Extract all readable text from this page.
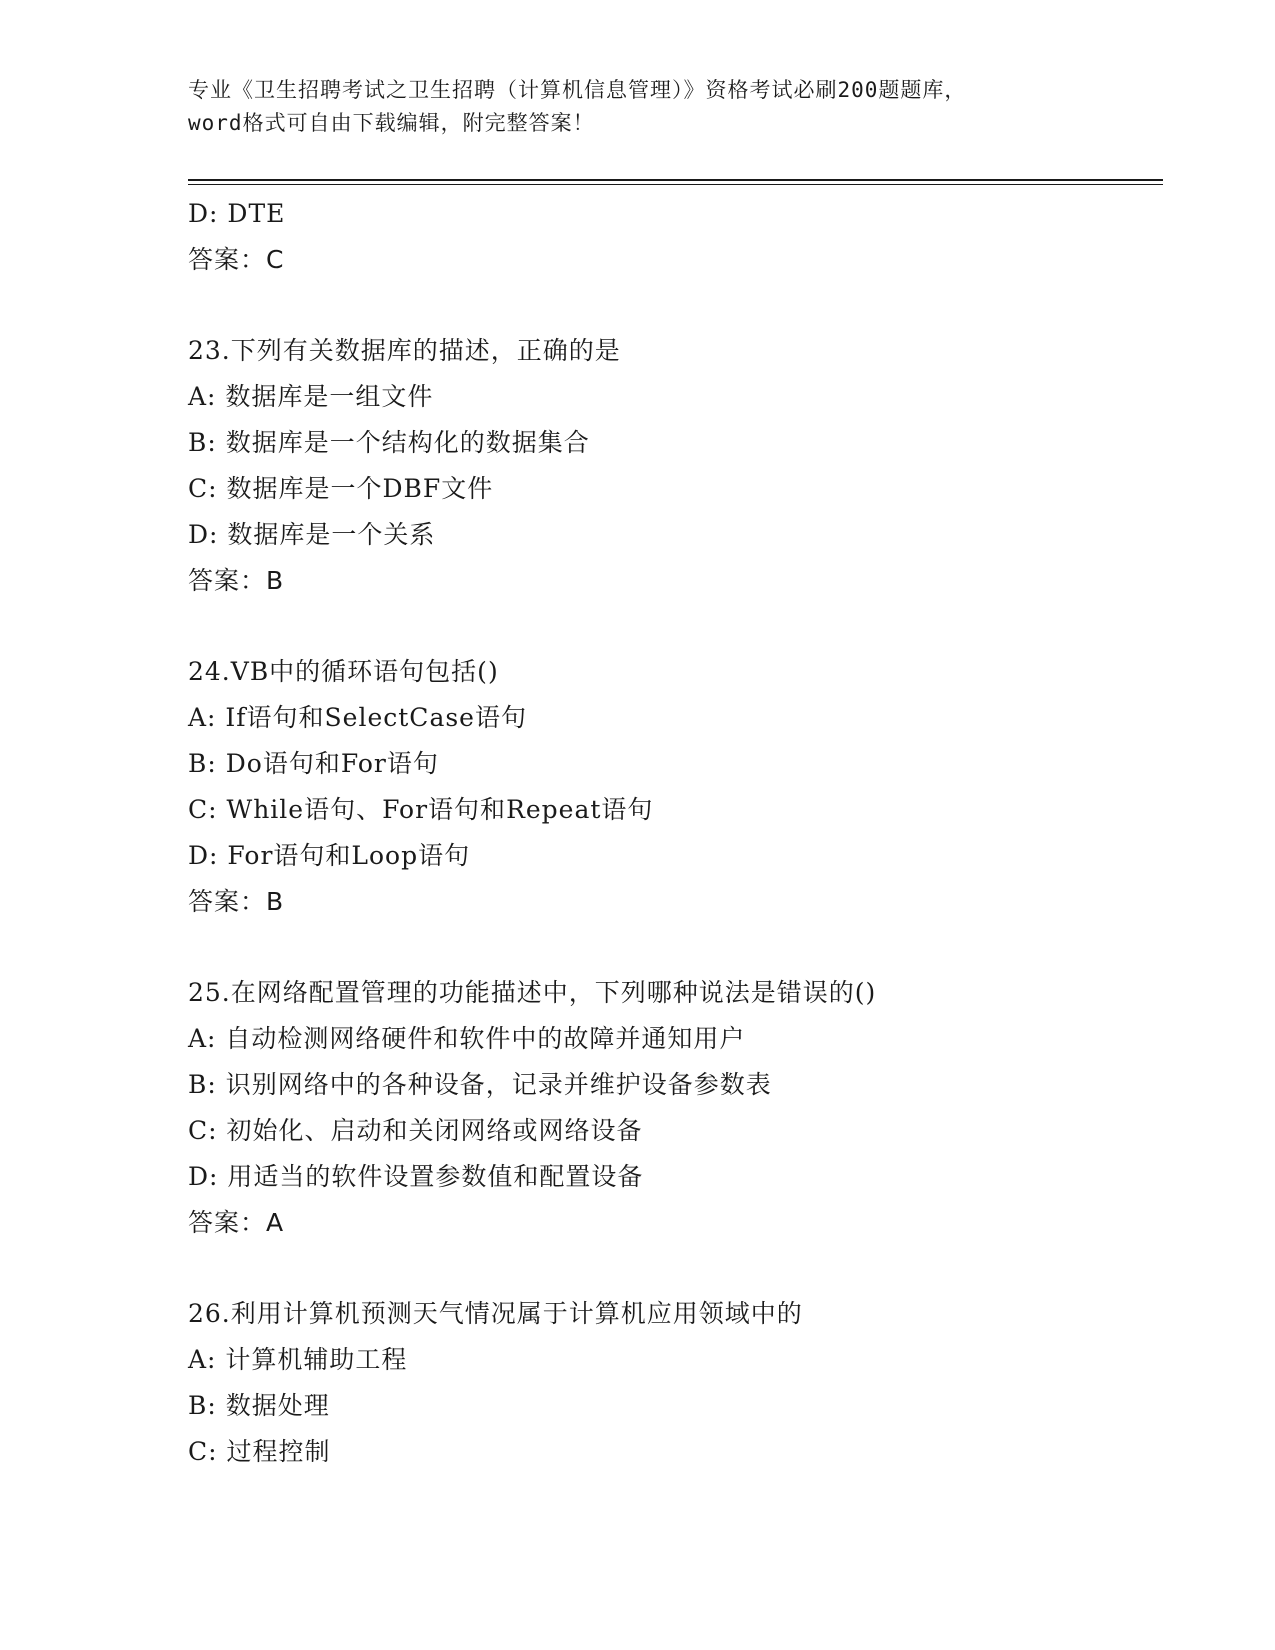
专业《卫生招聘考试之卫生招聘（计算机信息管理）》资格考试必刷200题题库，
word格式可自由下载编辑，附完整答案！
D: DTE
答案：C
23.下列有关数据库的描述，正确的是
A: 数据库是一组文件
B: 数据库是一个结构化的数据集合
C: 数据库是一个DBF文件
D: 数据库是一个关系
答案：B
24.VB中的循环语句包括()
A: If语句和SelectCase语句
B: Do语句和For语句
C: While语句、For语句和Repeat语句
D: For语句和Loop语句
答案：B
25.在网络配置管理的功能描述中，下列哪种说法是错误的()
A: 自动检测网络硬件和软件中的故障并通知用户
B: 识别网络中的各种设备，记录并维护设备参数表
C: 初始化、启动和关闭网络或网络设备
D: 用适当的软件设置参数值和配置设备
答案：A
26.利用计算机预测天气情况属于计算机应用领域中的
A: 计算机辅助工程
B: 数据处理
C: 过程控制
